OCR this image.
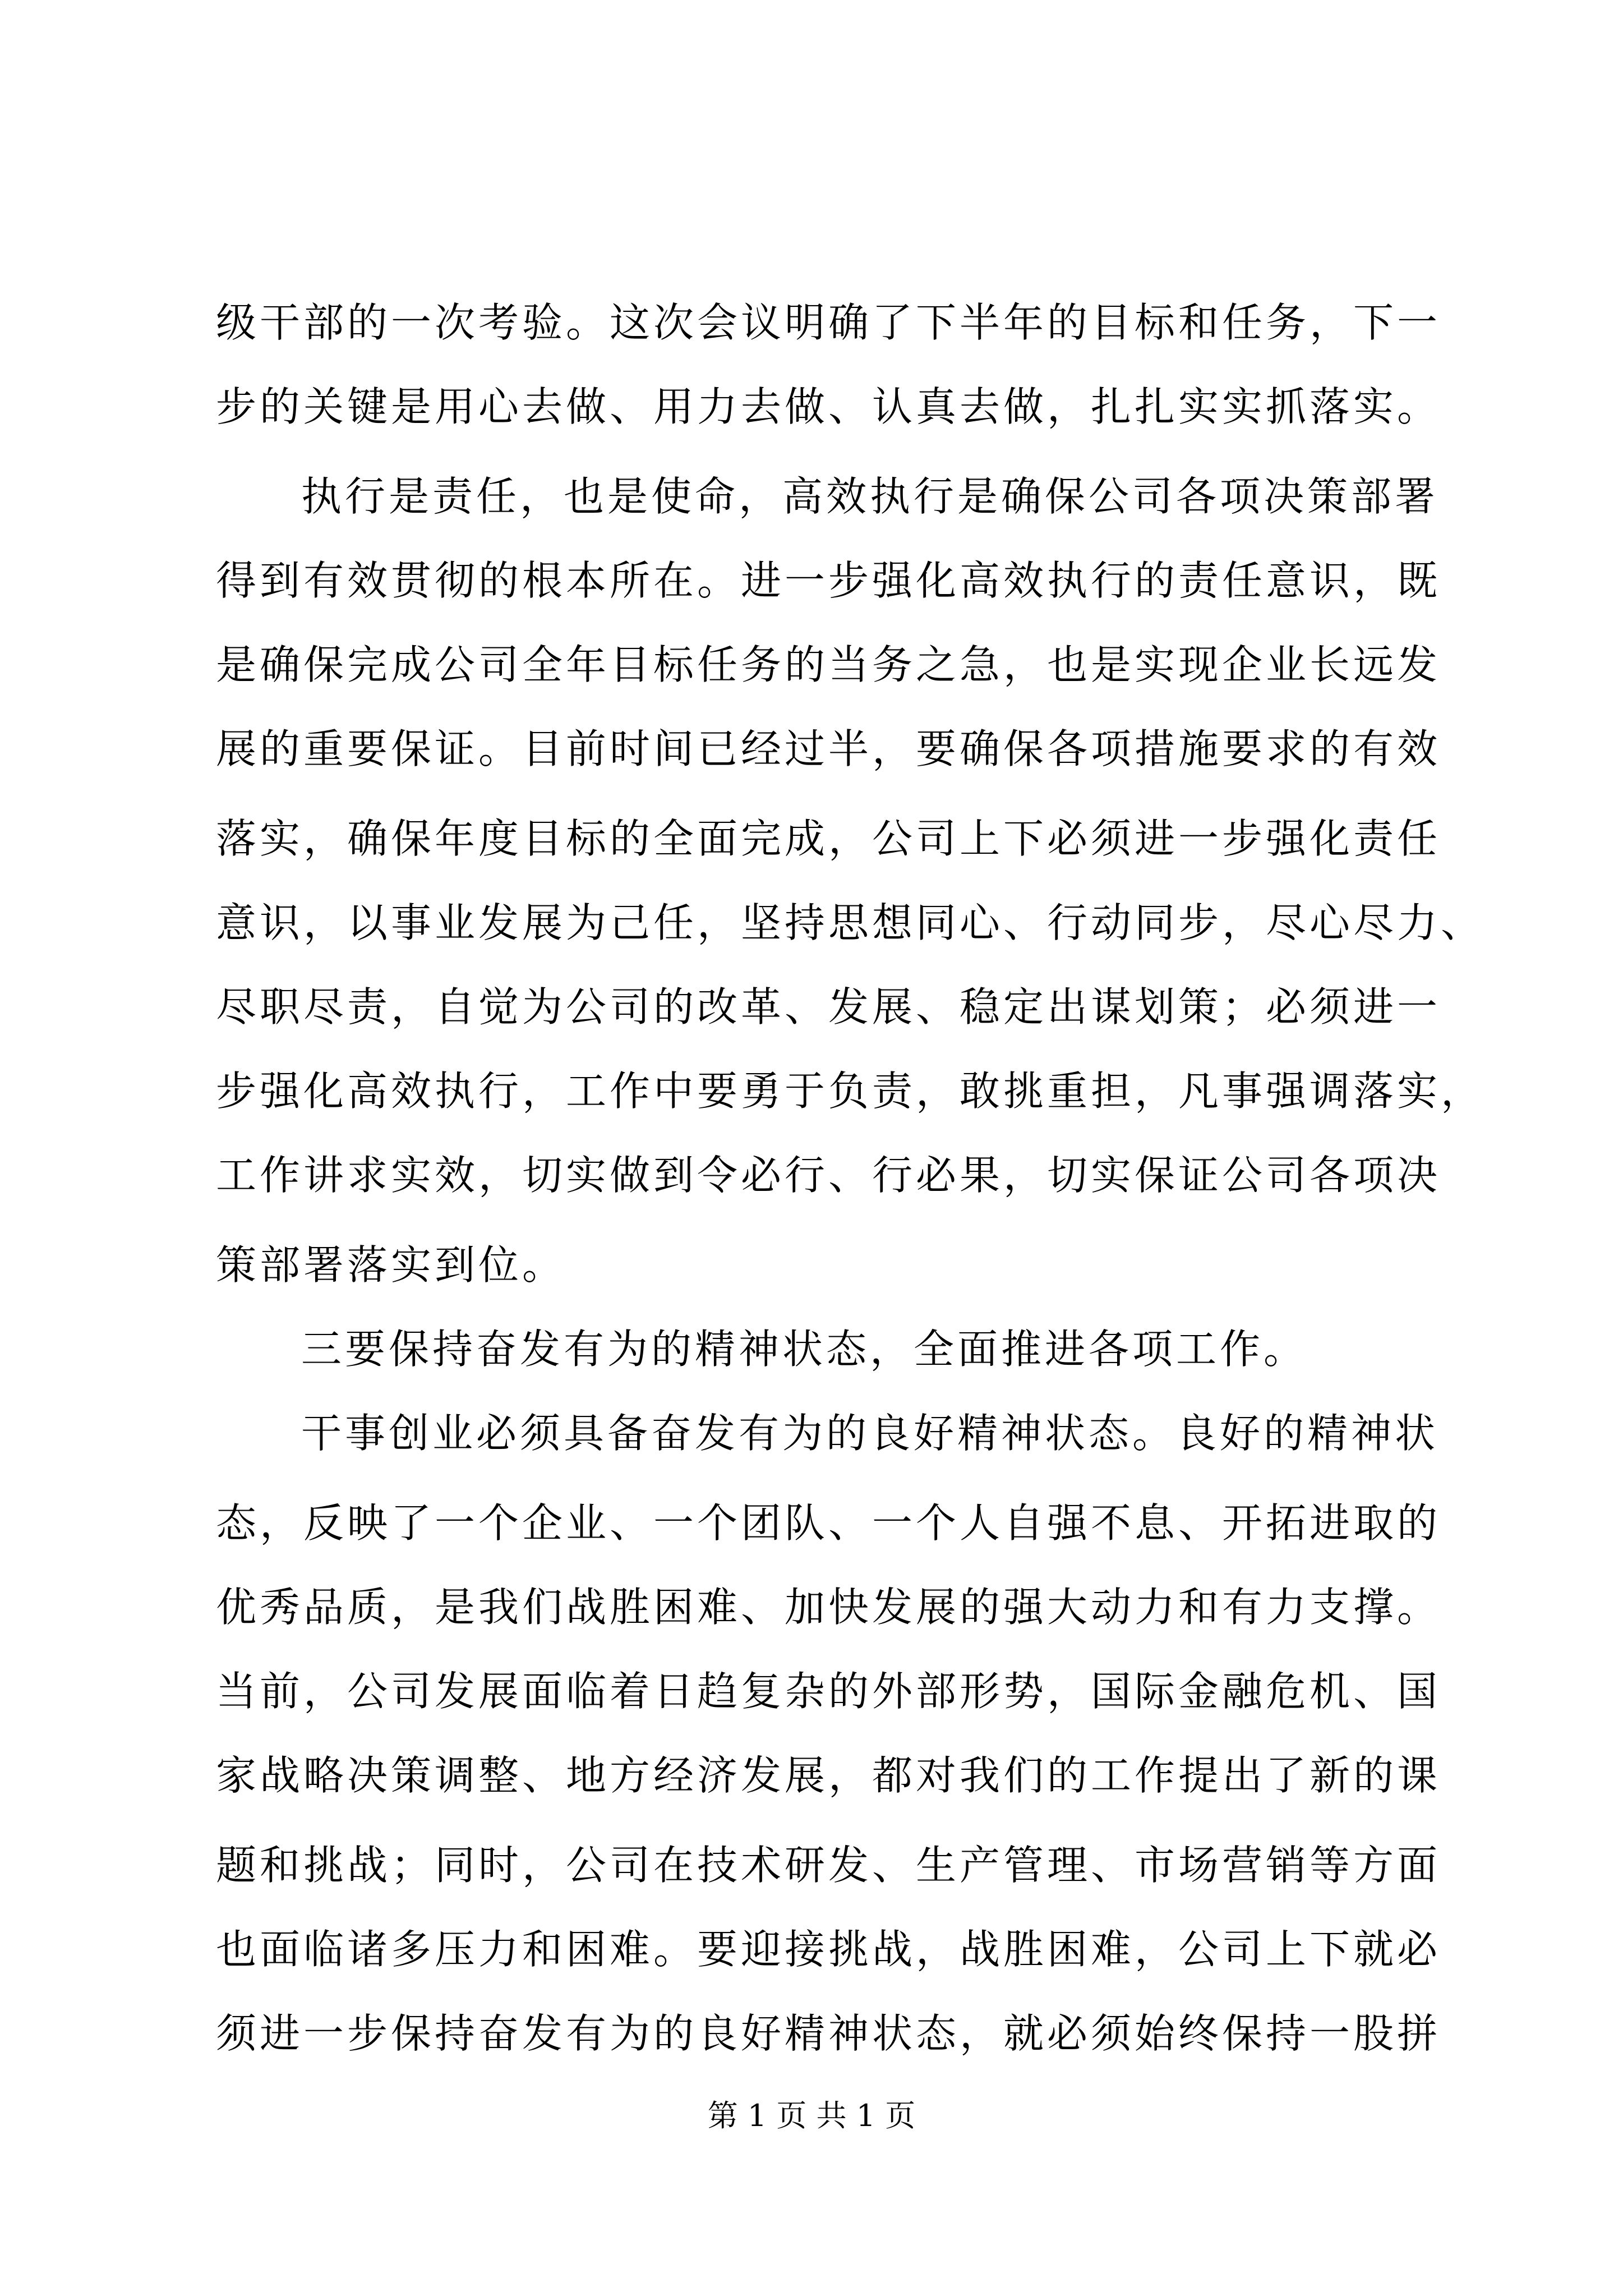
级干部的一次考验。这次会议明确了下半年的目标和任务，下一
步的关键是用心去做、用力去做、认真去做，扎扎实实抓落实。
执行是责任，也是使命，高效执行是确保公司各项决策部署
得到有效贯彻的根本所在。进一步强化高效执行的责任意识，既
是确保完成公司全年目标任务的当务之急，也是实现企业长远发
展的重要保证。目前时间已经过半，要确保各项措施要求的有效
落实，确保年度目标的全面完成，公司上下必须进一步强化责任
意识，以事业发展为己任，坚持思想同心、行动同步，尽心尽力、
尽职尽责，自觉为公司的改革、发展、稳定出谋划策；必须进一
步强化高效执行，工作中要勇于负责，敢挑重担，凡事强调落实，
工作讲求实效，切实做到令必行、行必果，切实保证公司各项决
策部署落实到位。
三要保持奋发有为的精神状态，全面推进各项工作。
干事创业必须具备奋发有为的良好精神状态。良好的精神状
态，反映了一个企业、一个团队、一个人自强不息、开拓进取的
优秀品质，是我们战胜困难、加快发展的强大动力和有力支撑。
当前，公司发展面临着日趋复杂的外部形势，国际金融危机、国
家战略决策调整、地方经济发展，都对我们的工作提出了新的课
题和挑战；同时，公司在技术研发、生产管理、市场营销等方面
也面临诸多压力和困难。要迎接挑战，战胜困难，公司上下就必
须进一步保持奋发有为的良好精神状态，就必须始终保持一股拼
第 1 页 共 1 页
